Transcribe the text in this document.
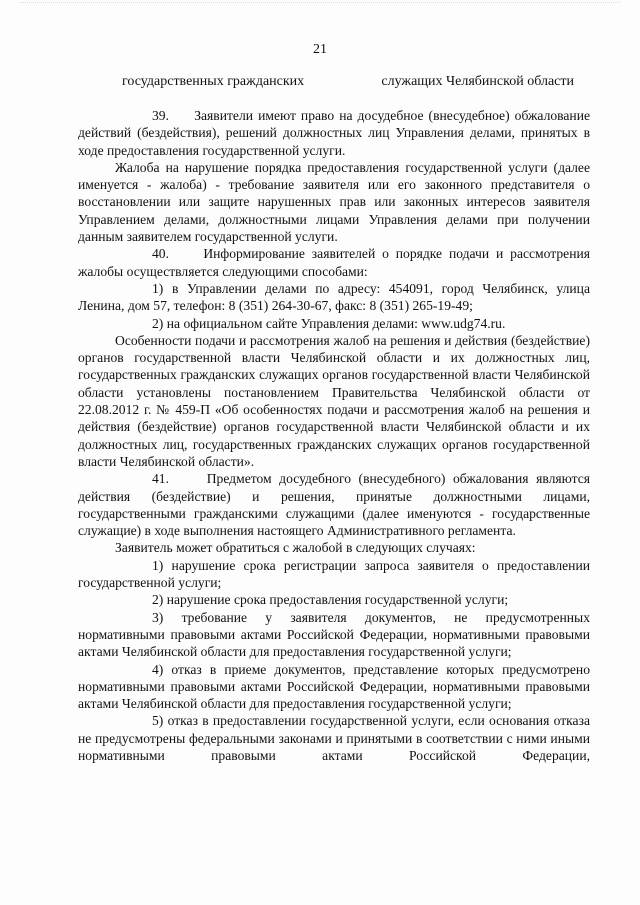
21
государственных гражданских	служащих Челябинской области

39. Заявители имеют право на досудебное (внесудебное) обжалование действий (бездействия), решений должностных лиц Управления делами, принятых в ходе предоставления государственной услуги.

Жалоба на нарушение порядка предоставления государственной услуги (далее именуется - жалоба) - требование заявителя или его законного представителя о восстановлении или защите нарушенных прав или законных интересов заявителя Управлением делами, должностными лицами Управления делами при получении данным заявителем государственной услуги.

40.	Информирование заявителей о порядке подачи и рассмотрения жалобы осуществляется следующими способами:

1) в Управлении делами по адресу: 454091, город Челябинск, улица Ленина, дом 57, телефон: 8 (351) 264-30-67, факс: 8 (351) 265-19-49;

2) на официальном сайте Управления делами: www.udg74.ru.

Особенности подачи и рассмотрения жалоб на решения и действия (бездействие) органов государственной власти Челябинской области и их должностных лиц, государственных гражданских служащих органов государственной власти Челябинской области установлены постановлением Правительства Челябинской области от 22.08.2012 г. № 459-П «Об особенностях подачи и рассмотрения жалоб на решения и действия (бездействие) органов государственной власти Челябинской области и их должностных лиц, государственных гражданских служащих органов государственной власти Челябинской области».

41.	Предметом досудебного (внесудебного) обжалования являются действия (бездействие) и решения, принятые должностными лицами, государственными гражданскими служащими (далее именуются - государственные служащие) в ходе выполнения настоящего Административного регламента.

Заявитель может обратиться с жалобой в следующих случаях:

1) нарушение срока регистрации запроса заявителя о предоставлении государственной услуги;

2) нарушение срока предоставления государственной услуги;

3) требование у заявителя документов, не предусмотренных нормативными правовыми актами Российской Федерации, нормативными правовыми актами Челябинской области для предоставления государственной услуги;

4) отказ в приеме документов, представление которых предусмотрено нормативными правовыми актами Российской Федерации, нормативными правовыми актами Челябинской области для предоставления государственной услуги;

5) отказ в предоставлении государственной услуги, если основания отказа не предусмотрены федеральными законами и принятыми в соответствии с ними иными нормативными правовыми актами Российской Федерации,
